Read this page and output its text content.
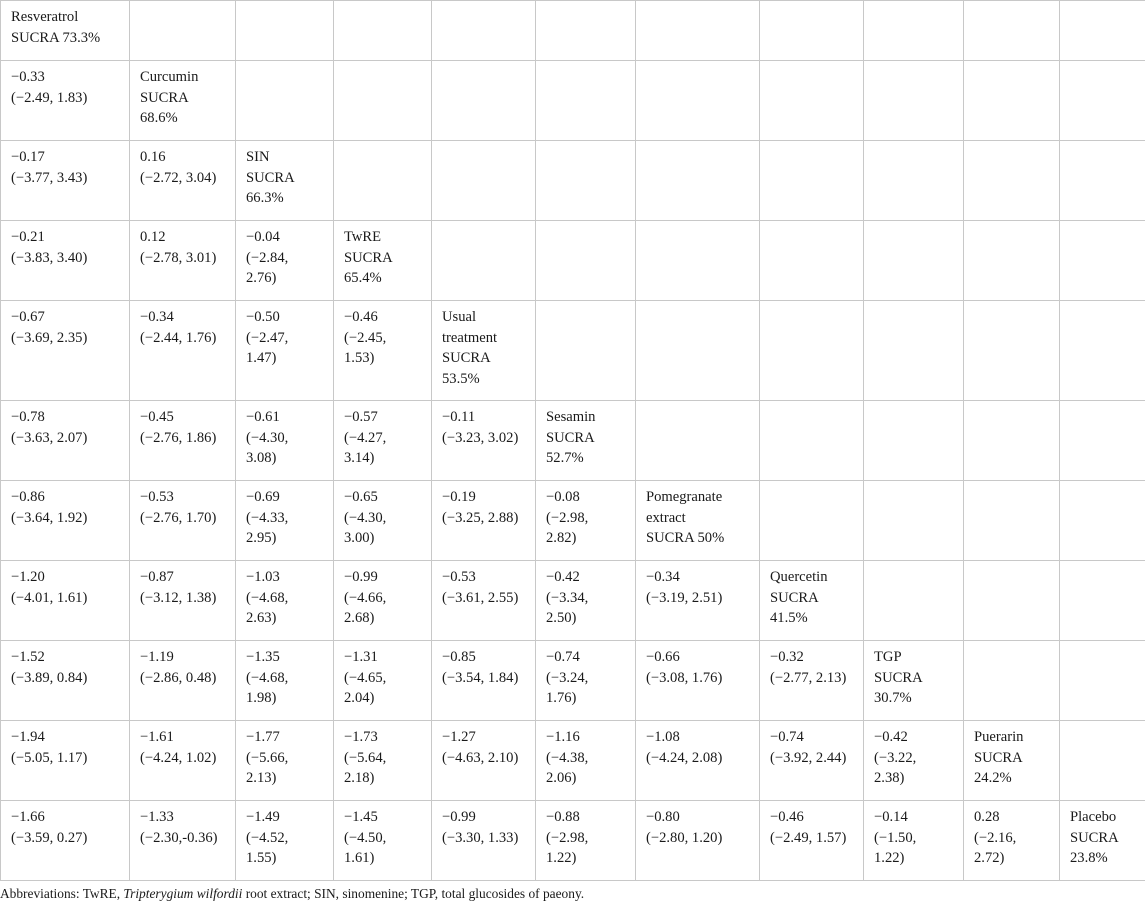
Resveratrol
SUCRA 73.3%										

−0.33
(−2.49, 1.83)	Curcumin
SUCRA
68.6%									

−0.17
(−3.77, 3.43)	0.16
(−2.72, 3.04)	SIN
SUCRA
66.3%								

−0.21
(−3.83, 3.40)	0.12
(−2.78, 3.01)	−0.04
(−2.84,
2.76)	TwRE
SUCRA
65.4%							

−0.67
(−3.69, 2.35)	−0.34
(−2.44, 1.76)	−0.50
(−2.47,
1.47)	−0.46
(−2.45,
1.53)	Usual
treatment
SUCRA
53.5%						

−0.78
(−3.63, 2.07)	−0.45
(−2.76, 1.86)	−0.61
(−4.30,
3.08)	−0.57
(−4.27,
3.14)	−0.11
(−3.23, 3.02)	Sesamin
SUCRA
52.7%					

−0.86
(−3.64, 1.92)	−0.53
(−2.76, 1.70)	−0.69
(−4.33,
2.95)	−0.65
(−4.30,
3.00)	−0.19
(−3.25, 2.88)	−0.08
(−2.98,
2.82)	Pomegranate
extract
SUCRA 50%				

−1.20
(−4.01, 1.61)	−0.87
(−3.12, 1.38)	−1.03
(−4.68,
2.63)	−0.99
(−4.66,
2.68)	−0.53
(−3.61, 2.55)	−0.42
(−3.34,
2.50)	−0.34
(−3.19, 2.51)	Quercetin
SUCRA
41.5%			

−1.52
(−3.89, 0.84)	−1.19
(−2.86, 0.48)	−1.35
(−4.68,
1.98)	−1.31
(−4.65,
2.04)	−0.85
(−3.54, 1.84)	−0.74
(−3.24,
1.76)	−0.66
(−3.08, 1.76)	−0.32
(−2.77, 2.13)	TGP
SUCRA
30.7%		

−1.94
(−5.05, 1.17)	−1.61
(−4.24, 1.02)	−1.77
(−5.66,
2.13)	−1.73
(−5.64,
2.18)	−1.27
(−4.63, 2.10)	−1.16
(−4.38,
2.06)	−1.08
(−4.24, 2.08)	−0.74
(−3.92, 2.44)	−0.42
(−3.22,
2.38)	Puerarin
SUCRA
24.2%	

−1.66
(−3.59, 0.27)	−1.33
(−2.30,-0.36)	−1.49
(−4.52,
1.55)	−1.45
(−4.50,
1.61)	−0.99
(−3.30, 1.33)	−0.88
(−2.98,
1.22)	−0.80
(−2.80, 1.20)	−0.46
(−2.49, 1.57)	−0.14
(−1.50,
1.22)	0.28
(−2.16,
2.72)	Placebo
SUCRA
23.8%
Abbreviations: TwRE, Tripterygium wilfordii root extract; SIN, sinomenine; TGP, total glucosides of paeony.
